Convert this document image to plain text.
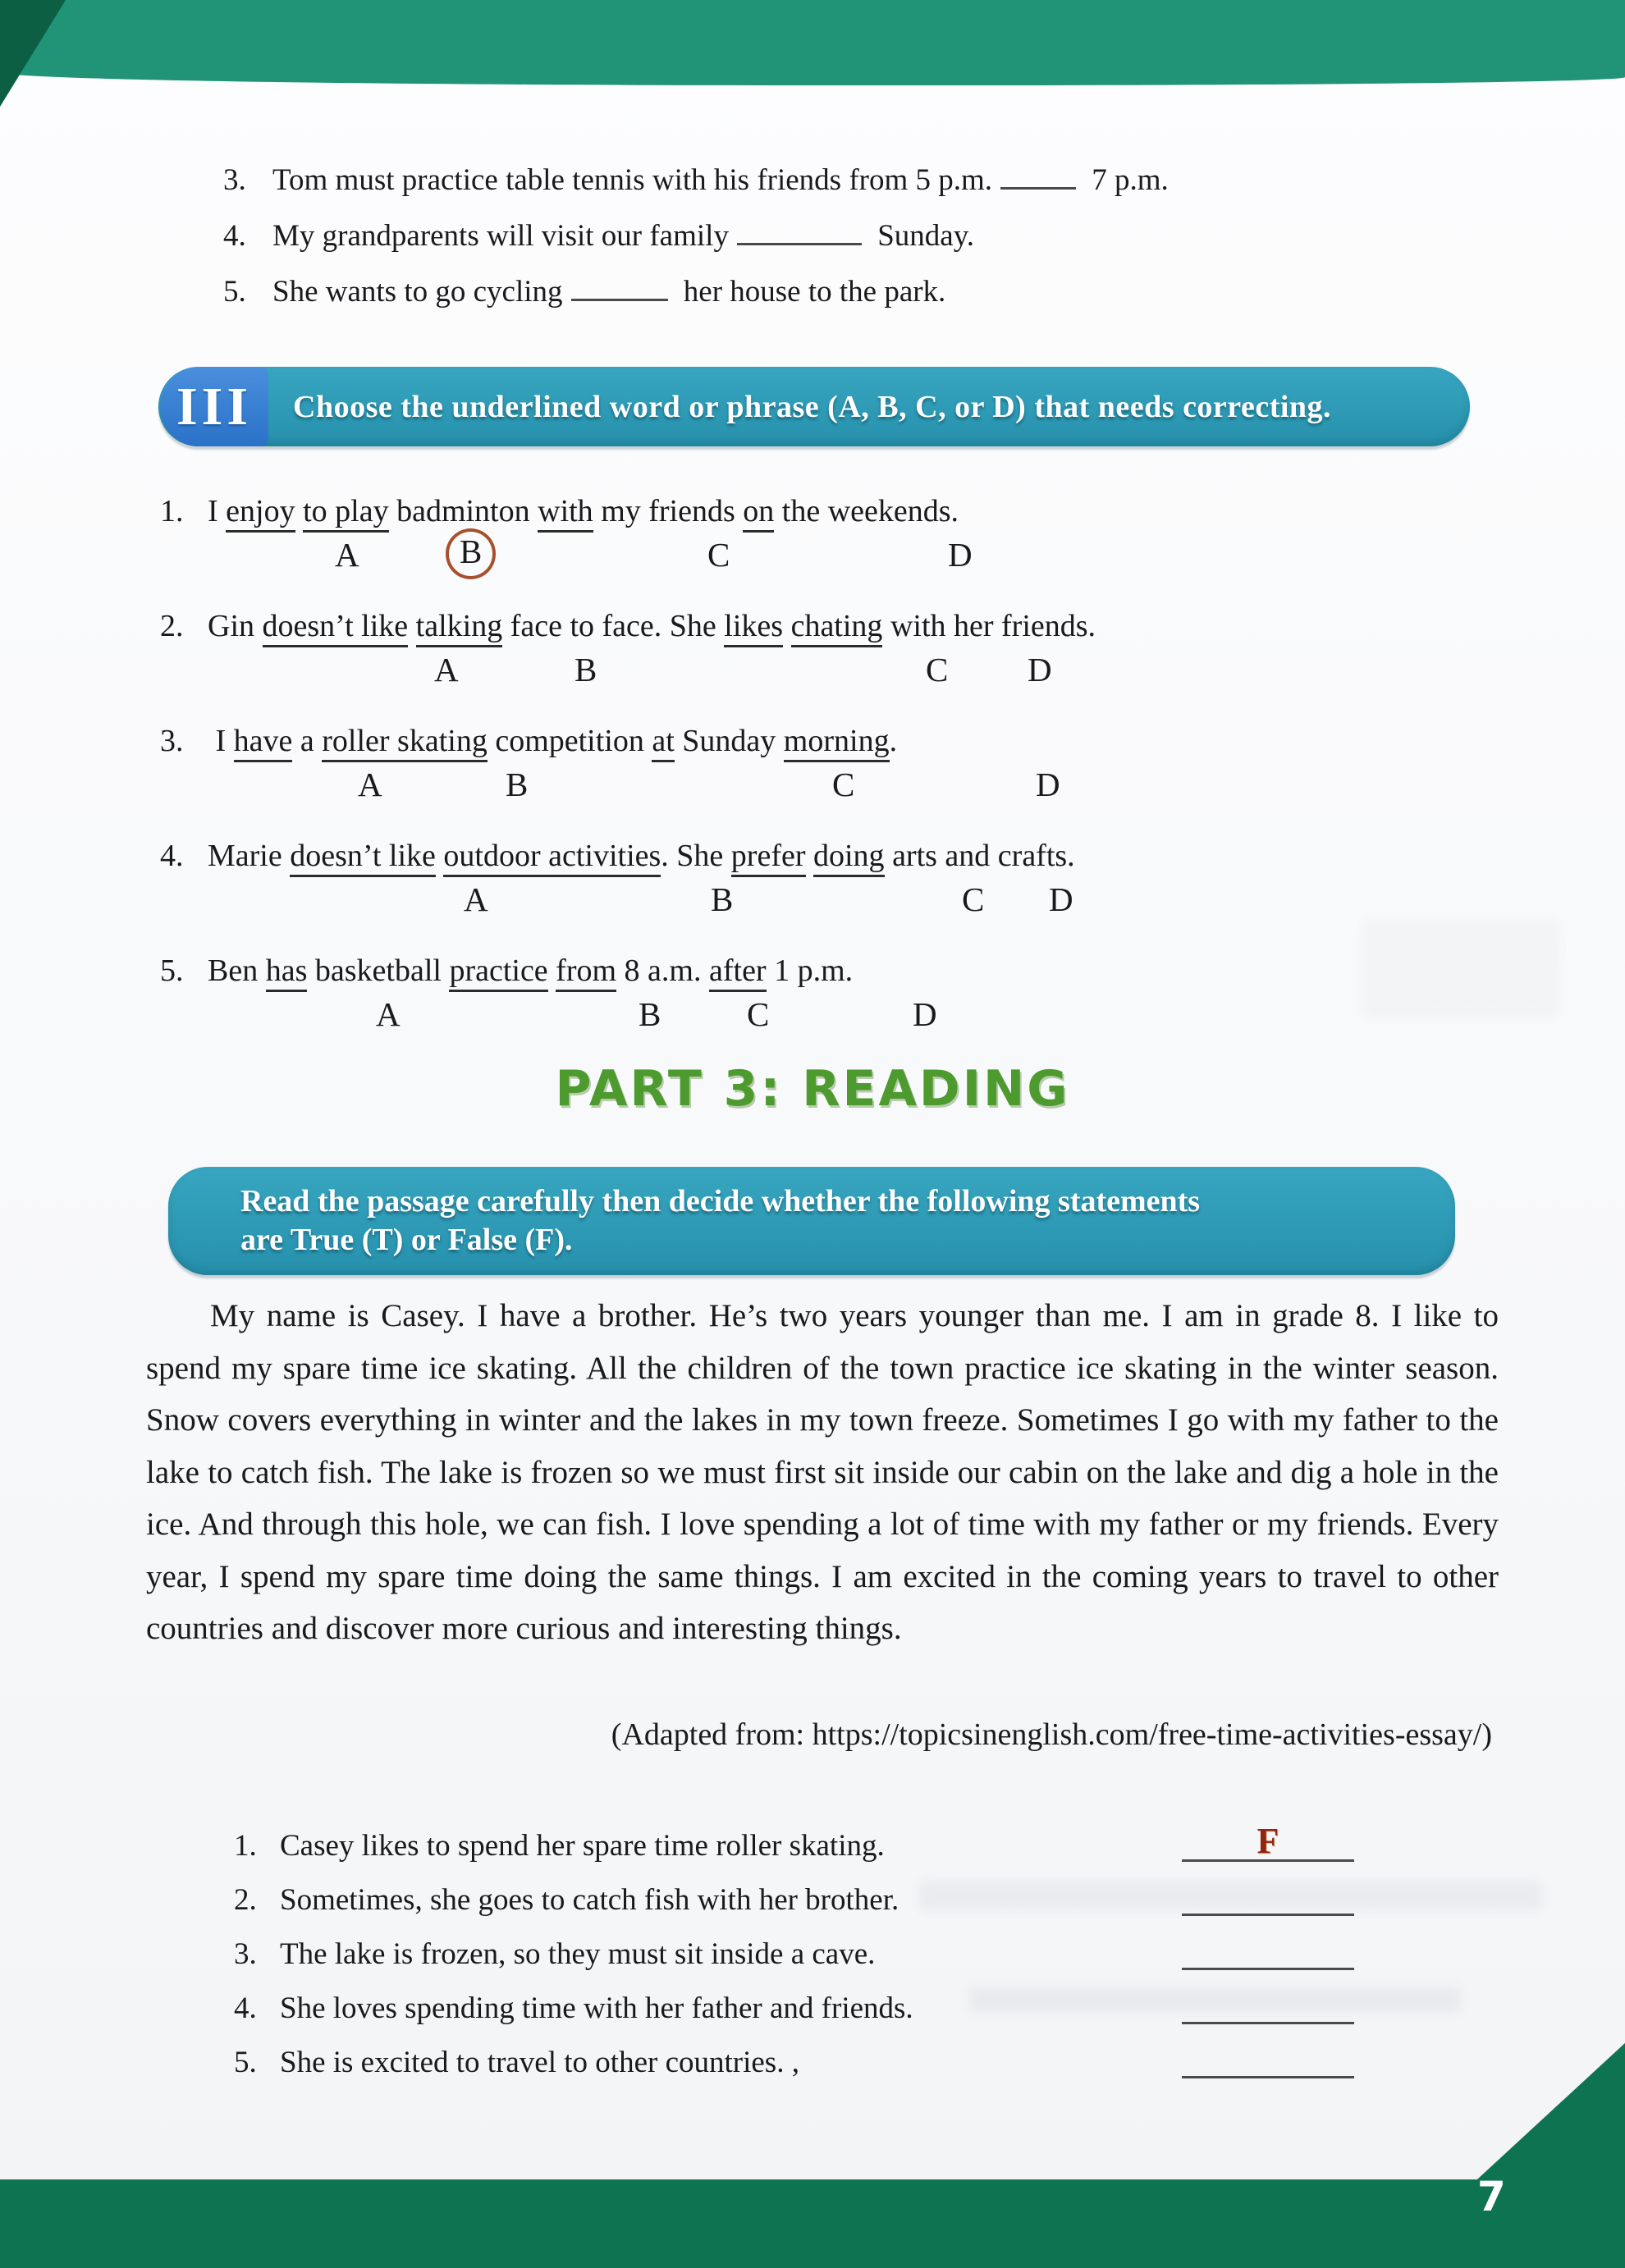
3. Tom must practice table tennis with his friends from 5 p.m.	7 p.m.
4. My grandparents will visit our family	Sunday.
5. She wants to go cycling	her house to the park.
III Choose the underlined word or phrase (A, B, C, or D) that needs correcting.
1. I enjoy to play badminton with my friends on the weekends.
A	B	C	D
2. Gin doesn’t like talking face to face. She likes chating with her friends.
A	B	C D
3. I have a roller skating competition at Sunday morning.
A	B	C	D
4. Marie doesn’t like outdoor activities. She prefer doing arts and crafts.
A	B	C D
5. Ben has basketball practice from 8 a.m. after 1 p.m.
A	B	C	D
PART 3: READING
Read the passage carefully then decide whether the following statements
are True (T) or False (F).
My name is Casey. I have a brother. He’s two years younger than me. I am in grade 8. I like to spend my spare time ice skating. All the children of the town practice ice skating in the winter season. Snow covers everything in winter and the lakes in my town freeze. Sometimes I go with my father to the lake to catch fish. The lake is frozen so we must first sit inside our cabin on the lake and dig a hole in the ice. And through this hole, we can fish. I love spending a lot of time with my father or my friends. Every year, I spend my spare time doing the same things. I am excited in the coming years to travel to other countries and discover more curious and interesting things.
(Adapted from: https://topicsinenglish.com/free-time-activities-essay/)
1. Casey likes to spend her spare time roller skating.	F
2. Sometimes, she goes to catch fish with her brother.
3. The lake is frozen, so they must sit inside a cave.
4. She loves spending time with her father and friends.
5. She is excited to travel to other countries. ,
7
